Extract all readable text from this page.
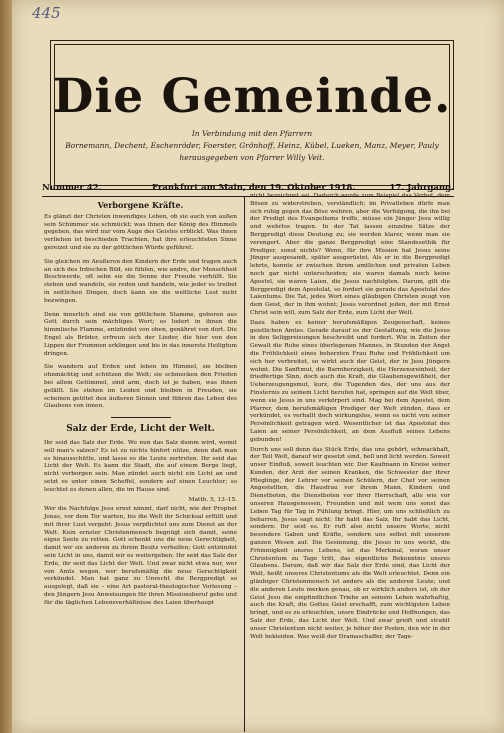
445
Die Gemeinde.
In Verbindung mit den Pfarrern
Bornemann, Dechent, Eschenröder, Foerster, Grönhoff, Heinz, Kübel, Lueken, Manz, Meyer, Pauly
herausgegeben von Pfarrer Willy Veit.
Nummer 42.	Frankfurt am Main, den 19. Oktober 1918.	17. Jahrgang.
Verborgene Kräfte.

Es glänzt der Christen inwendiges Leben, ob sie auch von außen sein Schimmer sie schmückt; was ihnen der König des Himmels gegeben, das wird nur vom Auge des Geistes erblickt. Was ihnen verliehen ist beschieden Trachten, hat ihre erleuchteten Sinne gereizet und sie zu der göttlichen Würde geführet.

Sie gleichen im Aeußeren den Kindern der Erde und tragen auch an sich des Irdischen Bild, sie fühlen, wie andre, der Menschheit Beschwerde, oft sehn sie die Sonne der Freude verhüllt. Sie stehen und wandeln, sie reden und handeln, wie jeder es treibet in zeitlichen Dingen, doch kann sie die weltliche Lust nicht bezwingen.

Denn innerlich sind sie von göttlichem Stamme, geboren aus Gott durch sein mächtiges Wort; es lodert in ihnen die himmlische Flamme, entzündet von oben, genähret von dort. Die Engel als Brüder, erfreun sich der Lieder, die hier von den Lippen der Frommen erklingen und bis in das innerste Heiligtum dringen.

Sie wandern auf Erden und leben im Himmel, sie bleiben ohnmächtig und schützen die Welt; sie schmecken den Frieden bei allem Getümmel, sind arm, doch ist je haben, was ihnen gefällt. Sie stehen im Leiden und bleiben in Freuden, sie scheinen getötet den äußeren Sinnen und führen das Leben des Glaubens von innen.

Salz der Erde, Licht der Welt.

Ihr seid das Salz der Erde. Wo nun das Salz dumm wird, womit soll man's salzen? Es ist zu nichts hinfort nütze, denn daß man es hinausschütte, und lasse es die Leute zertreten. Ihr seid das Licht der Welt. Es kann die Stadt, die auf einem Berge liegt, nicht verborgen sein. Man zündet auch nicht ein Licht an und setzt es unter einen Scheffel, sondern auf einen Leuchter; so leuchtet es denen allen, die im Hause sind.

Matth. 5, 13–15.

Wer die Nachfolge Jesu ernst nimmt, darf nicht, wie der Prophet Jonas, vor dem Tor warten, bis die Welt ihr Schicksal erfüllt und mit ihrer Lust vergeht: Jesus verpflichtet uns zum Dienst an der Welt. Kein ernster Christenmensch begnügt sich damit, seine eigne Seele zu retten. Gott schenkt uns die neue Gerechtigkeit, damit wir sie anderen zu ihrem Besitz verhelfen; Gott entzündet sein Licht in uns, damit wir es weitergeben: Ihr seid das Salz der Erde, ihr seid das Licht der Welt. Und zwar nicht etwa nur, wer von Amts wegen, wer berufsmäßig die neue Gerechtigkeit verkündet. Man hat ganz zu Unrecht die Bergpredigt so ausgelegt, daß sie – eine Art pastoral-theologischer Vorlesung – den Jüngern Jesu Anweisungen für ihren Missionsberuf gebe und für die täglichen Lebensverhältnisse des Laien überhaupt

nicht bezeichnet sei. Dadurch werde zum Beispiel das Verbot, dem Bösen zu widerstreben, verständlich; im Privatleben dürfe man sich ruhig gegen das Böse wehren, aber die Verfolgung, die ihn bei der Predigt des Evangeliums treffe, müsse ein Jünger Jesu willig und wehrlos tragen. In der Tat lassen einzelne Sätze der Bergpredigt diese Deutung zu; sie werden klarer, wenn man sie verengert. Aber die ganze Bergpredigt eine Standesethik für Prediger, sonst nichts? Wenn, für ihre Mission hat Jesus seine Jünger ausgesandt, später ausgerüstet. Als er in die Bergpredigt lehrte, konnte er zwischen ihrem amtlichen und privaten Leben noch gar nicht unterscheiden; sie waren damals noch keine Apostel, sie waren Laien, die Jesus nachfolgten. Darum, gilt die Bergpredigt dem Apostolat, so fordert sie gerade das Apostolat des Laientums. Die Tat, jedes Wort eines gläubigen Christen zeugt von dem Geist, der in ihm wohnt; Jesus verordnet jeden, der mit Ernst Christ sein will, zum Salz der Erde, zum Licht der Welt.

Dazu haben es keiner berufsmäßigen Zeugenschaft, keines geistlichen Amtes. Gerade darauf es der Gestaltung, wie die Jesus in den Seligpreisungen beschreibt und fordert. Wie in Zeiten der Gewalt die Ruhe eines überlegenen Mannes, in Stunden der Angst die Fröhlichkeit eines beherzten Frau Ruhe und Fröhlichkeit um sich her verbreitet, so wirkt auch der Geist, der in Jesu Jüngern wohnt. Die Sanftmut, die Barmherzigkeit, die Herzensreinheit, der friedfertige Sinn, doch auch die Kraft, die Glaubensgewißheit, der Ueberzeugungsmut, kurz, die Tugenden des, der uns aus der Finsternis zu seinem Licht berufen hat, springen auf die Welt über, wenn sie Jesus in uns verkörpert sind. Mag bei dem Apostel, dem Pfarrer, dem berufsmäßigen Prediger der Welt zünden, dass er verkündet, es verhallt doch wirkungslos, wenn es nicht von seiner Persönlichkeit getragen wird. Wesentlicher ist das Apostolat des Laien an seiner Persönlichkeit, an dem Ausfluß seines Lebens gebunden!

Durch uns soll denn das Stück Erde, das uns gehört, schmackhaft, der Teil Welt, darauf wir gesetzt sind, hell und licht werden. Soweit unser Einfluß, soweit leuchten wir. Der Kaufmann in Kreise seiner Kunden, der Arzt der seinen Kranken, die Schwester der ihrer Pfleglinge, der Lehrer vor seinen Schülern, der Chef vor seinen Angestellten, die Hausfrau vor ihrem Mann, Kindern und Dienstboten, die Dienstboten vor ihrer Herrschaft, alle wie vor unseren Hausgenossen, Freunden und mit wem uns sonst das Leben Tag für Tag in Fühlung bringt. Hier, um uns schließlich zu beharren, Jesus sagt nicht: Ihr habt das Salz, Ihr habt das Licht, sondern: Ihr seid es. Er ruft also nicht unsere Worte, nicht besondere Gaben und Kräfte, sondern uns selbst mit unserem ganzen Wesen auf. Die Gesinnung, die Jesus in uns weckt, die Frömmigkeit unsres Lebens, ist das Merkmal, woran unser Christentum zu Tage tritt, das eigentliche Bekenntnis unsres Glaubens. Darum, daß wir das Salz der Erde sind, das Licht der Welt, heißt unseres Christentums als die Welt erleuchtet. Denn ein gläubiger Christenmensch ist anders als die anderen Leute; und die anderen Leute merken genau, ob er wirklich anders ist, ob der Geist Jesu die empfindlichen Triebe an seinem Leben wahrhaftig, auch die Kraft, die Gottes Geist erschafft, zum wichtigsten Leben bringt, und es zu erleuchten, unsre Eindrücke und Hoffnungen, das Salz der Erde, das Licht der Welt. Und zwar greift und strahlt unser Christentum nicht weiter, je höher der Posten, den wir in der Welt bekleiden. Was weiß der Dramaschaffer, der Tage-
